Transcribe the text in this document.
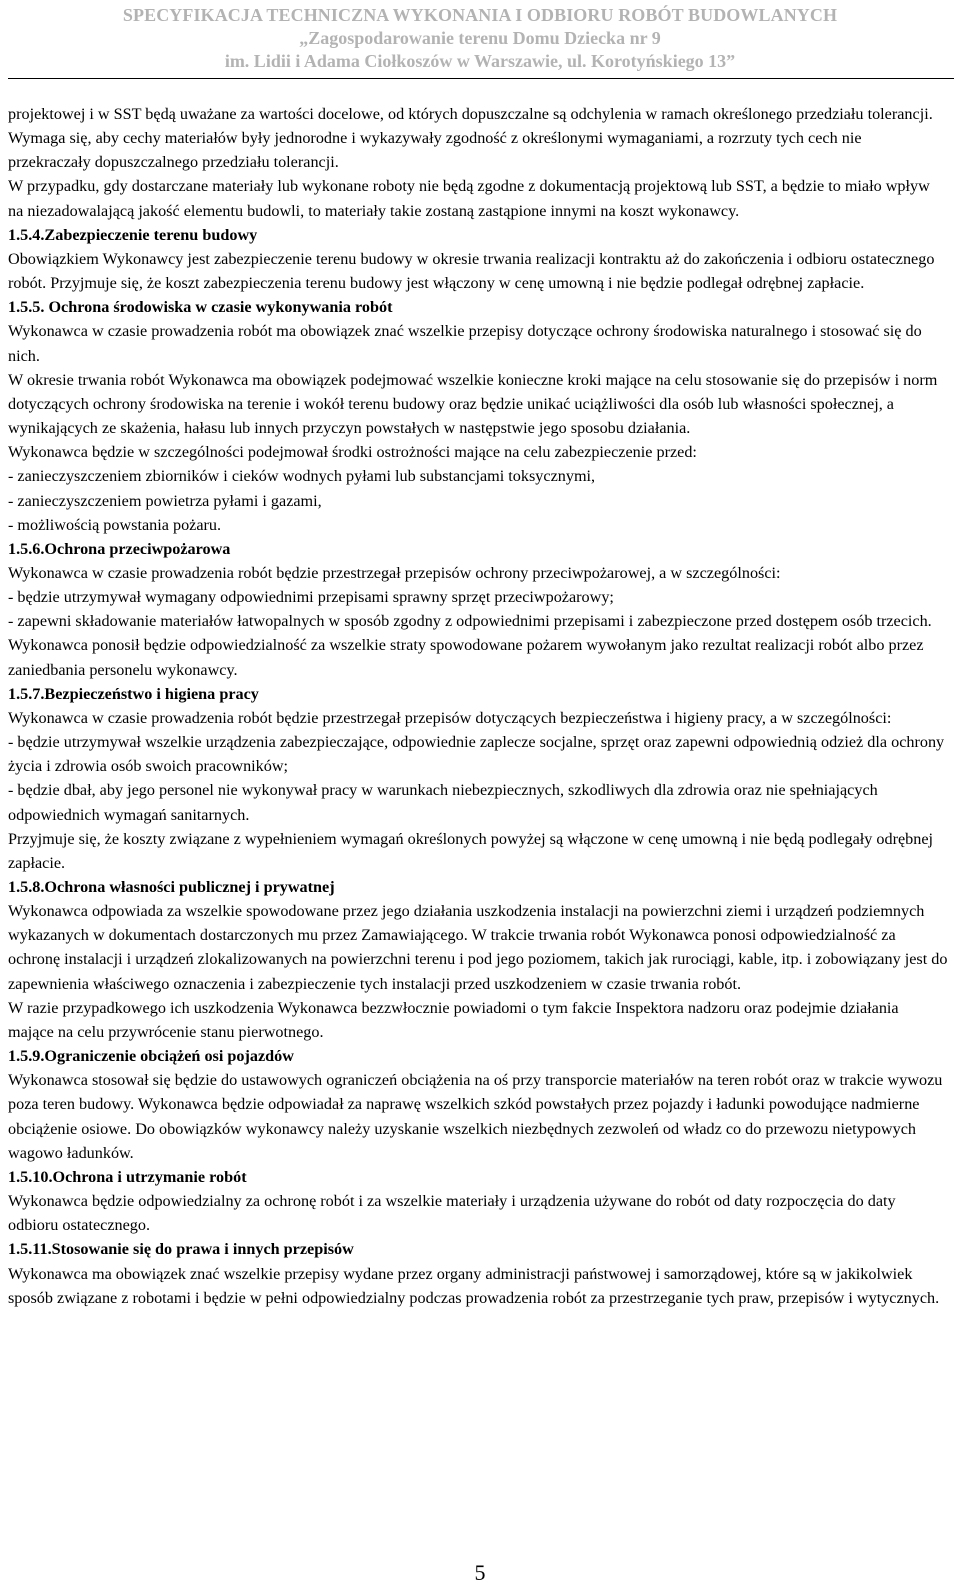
SPECYFIKACJA TECHNICZNA WYKONANIA I ODBIORU ROBÓT BUDOWLANYCH
„Zagospodarowanie terenu Domu Dziecka nr 9
im. Lidii i Adama Ciołkoszów w Warszawie, ul. Korotyńskiego 13”

projektowej i w SST będą uważane za wartości docelowe, od których dopuszczalne są odchylenia w ramach określonego przedziału tolerancji. Wymaga się, aby cechy materiałów były jednorodne i wykazywały zgodność z określonymi wymaganiami, a rozrzuty tych cech nie przekraczały dopuszczalnego przedziału tolerancji.

W przypadku, gdy dostarczane materiały lub wykonane roboty nie będą zgodne z dokumentacją projektową lub SST, a będzie to miało wpływ na niezadowalającą jakość elementu budowli, to materiały takie zostaną zastąpione innymi na koszt wykonawcy.

1.5.4.Zabezpieczenie terenu budowy

Obowiązkiem Wykonawcy jest zabezpieczenie terenu budowy w okresie trwania realizacji kontraktu aż do zakończenia i odbioru ostatecznego robót. Przyjmuje się, że koszt zabezpieczenia terenu budowy jest włączony w cenę umowną i nie będzie podlegał odrębnej zapłacie.

1.5.5. Ochrona środowiska w czasie wykonywania robót

Wykonawca w czasie prowadzenia robót ma obowiązek znać wszelkie przepisy dotyczące ochrony środowiska naturalnego i stosować się do nich.

W okresie trwania robót Wykonawca ma obowiązek podejmować wszelkie konieczne kroki mające na celu stosowanie się do przepisów i norm dotyczących ochrony środowiska na terenie i wokół terenu budowy oraz będzie unikać uciążliwości dla osób lub własności społecznej, a wynikających ze skażenia, hałasu lub innych przyczyn powstałych w następstwie jego sposobu działania.

Wykonawca będzie w szczególności podejmował środki ostrożności mające na celu zabezpieczenie przed:

- zanieczyszczeniem zbiorników i cieków wodnych pyłami lub substancjami toksycznymi,

- zanieczyszczeniem powietrza pyłami i gazami,

- możliwością powstania pożaru.

1.5.6.Ochrona przeciwpożarowa

Wykonawca w czasie prowadzenia robót będzie przestrzegał przepisów ochrony przeciwpożarowej, a w szczególności:

- będzie utrzymywał wymagany odpowiednimi przepisami sprawny sprzęt przeciwpożarowy;

- zapewni składowanie materiałów łatwopalnych w sposób zgodny z odpowiednimi przepisami i zabezpieczone przed dostępem osób trzecich.

Wykonawca ponosił będzie odpowiedzialność za wszelkie straty spowodowane pożarem wywołanym jako rezultat realizacji robót albo przez zaniedbania personelu wykonawcy.

1.5.7.Bezpieczeństwo i higiena pracy

Wykonawca w czasie prowadzenia robót będzie przestrzegał przepisów dotyczących bezpieczeństwa i higieny pracy, a w szczególności:

- będzie utrzymywał wszelkie urządzenia zabezpieczające, odpowiednie zaplecze socjalne, sprzęt oraz zapewni odpowiednią odzież dla ochrony życia i zdrowia osób swoich pracowników;

- będzie dbał, aby jego personel nie wykonywał pracy w warunkach niebezpiecznych, szkodliwych dla zdrowia oraz nie spełniających odpowiednich wymagań sanitarnych.

Przyjmuje się, że koszty związane z wypełnieniem wymagań określonych powyżej są włączone w cenę umowną i nie będą podlegały odrębnej zapłacie.

1.5.8.Ochrona własności publicznej i prywatnej

Wykonawca odpowiada za wszelkie spowodowane przez jego działania uszkodzenia instalacji na powierzchni ziemi i urządzeń podziemnych wykazanych w dokumentach dostarczonych mu przez Zamawiającego. W trakcie trwania robót Wykonawca ponosi odpowiedzialność za ochronę instalacji i urządzeń zlokalizowanych na powierzchni terenu i pod jego poziomem, takich jak rurociągi, kable, itp. i zobowiązany jest do zapewnienia właściwego oznaczenia i zabezpieczenie tych instalacji przed uszkodzeniem w czasie trwania robót.

W razie przypadkowego ich uszkodzenia Wykonawca bezzwłocznie powiadomi o tym fakcie Inspektora nadzoru oraz podejmie działania mające na celu przywrócenie stanu pierwotnego.

1.5.9.Ograniczenie obciążeń osi pojazdów

Wykonawca stosował się będzie do ustawowych ograniczeń obciążenia na oś przy transporcie materiałów na teren robót oraz w trakcie wywozu poza teren budowy. Wykonawca będzie odpowiadał za naprawę wszelkich szkód powstałych przez pojazdy i ładunki powodujące nadmierne obciążenie osiowe. Do obowiązków wykonawcy należy uzyskanie wszelkich niezbędnych zezwoleń od władz co do przewozu nietypowych wagowo ładunków.

1.5.10.Ochrona i utrzymanie robót

Wykonawca będzie odpowiedzialny za ochronę robót i za wszelkie materiały i urządzenia używane do robót od daty rozpoczęcia do daty odbioru ostatecznego.

1.5.11.Stosowanie się do prawa i innych przepisów

Wykonawca ma obowiązek znać wszelkie przepisy wydane przez organy administracji państwowej i samorządowej, które są w jakikolwiek sposób związane z robotami i będzie w pełni odpowiedzialny podczas prowadzenia robót za przestrzeganie tych praw, przepisów i wytycznych.

5
